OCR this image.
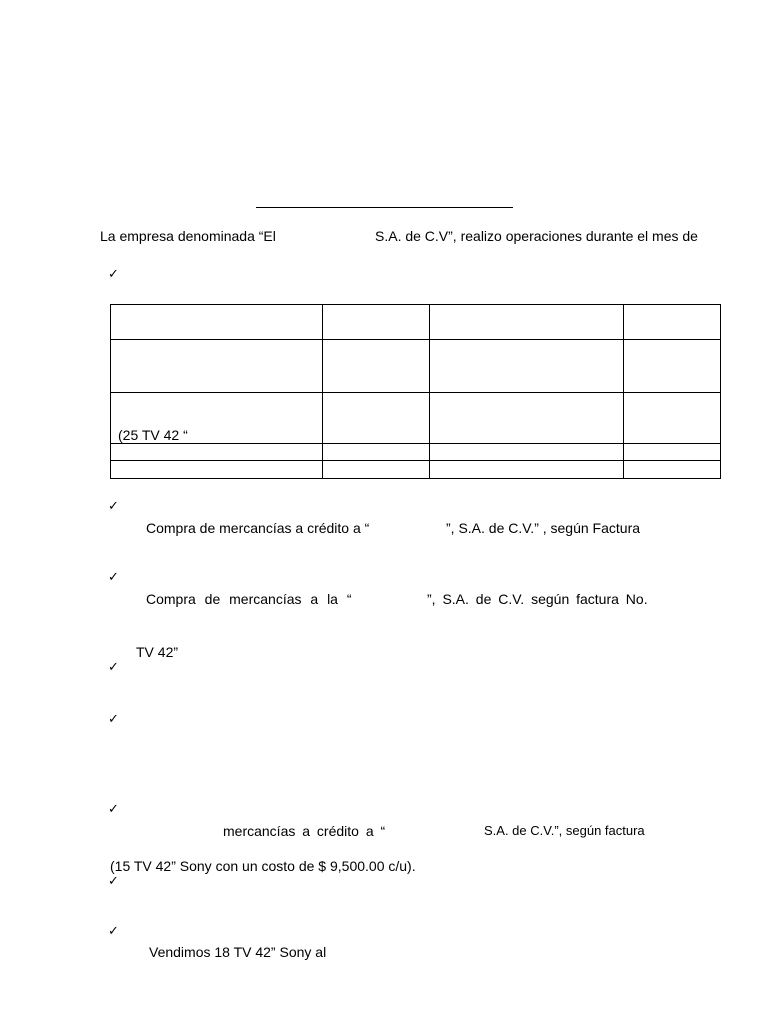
La empresa denominada “El	S.A. de C.V”, realizo operaciones durante el mes de
✓

(25 TV 42 “			

✓
Compra de mercancías a crédito a “	”, S.A. de C.V.” , según Factura
✓
Compra de mercancías a la “	”, S.A. de C.V. según factura No.
TV 42”
✓
✓
✓
mercancías a crédito a “	S.A. de C.V.”, según factura
(15 TV 42” Sony con un costo de $ 9,500.00 c/u).
✓
✓
Vendimos 18 TV 42” Sony al
